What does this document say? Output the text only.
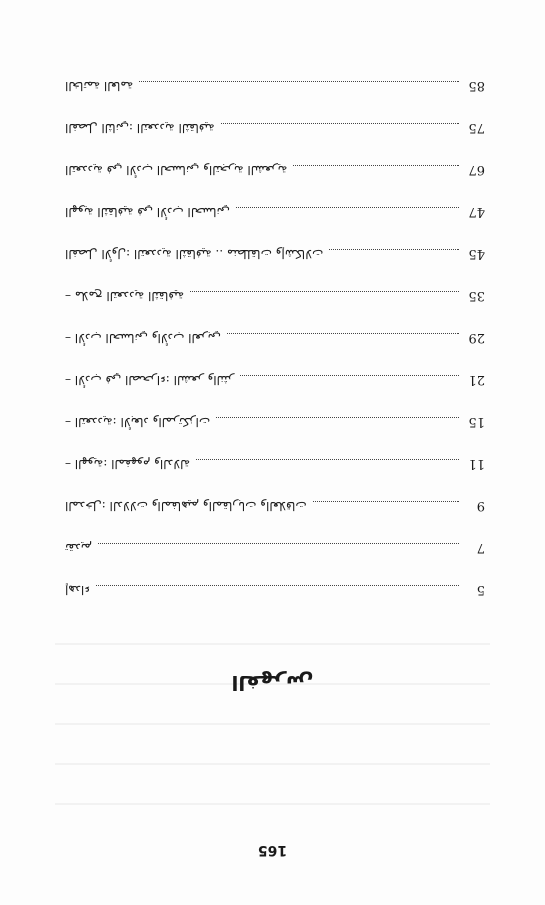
الفهرس
إهداء	5
تقديم	7
المدخل: الدلالات والمفاهيم والمقاربات والعلاقات	9
– الهوية: المفهوم والدلالة	11
– التعددية: الأبعاد والمرتكزات	15
– الأدب في الصحراء: الشعر والنثر	21
– الأدب الحساني والأدب العربي	29
– ملامح التعددية الثقافية	35
الفصل الأول: التعددية الثقافية .. منطلقات وإشكالات	45
الهوية الثقافية في الأدب الحساني	47
التعددية في الأدب الحساني والتجربة الشعرية	67
الفصل الثاني: التعددية الثقافية	75
الخاتمة العامة	85
165
